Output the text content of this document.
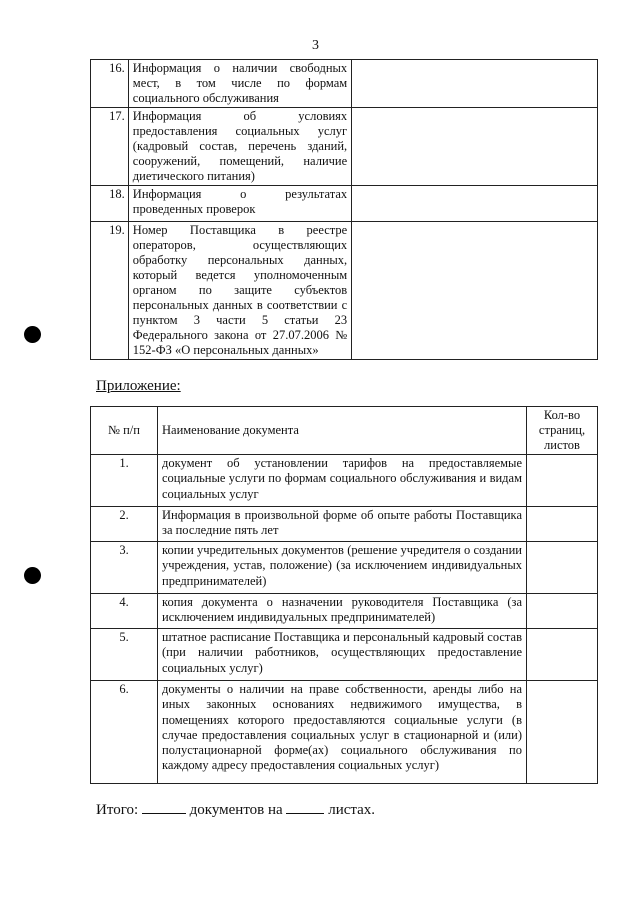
3
16.	Информация о наличии свободных мест, в том числе по формам социального обслуживания	
17.	Информация об условиях предоставления социальных услуг (кадровый состав, перечень зданий, сооружений, помещений, наличие диетического питания)	
18.	Информация о результатах проведенных проверок	
19.	Номер Поставщика в реестре операторов, осуществляющих обработку персональных данных, который ведется уполномоченным органом по защите субъектов персональных данных в соответствии с пунктом 3 части 5 статьи 23 Федерального закона от 27.07.2006 № 152-ФЗ «О персональных данных»	
Приложение:
№ п/п	Наименование документа	Кол-во страниц, листов
1.	документ об установлении тарифов на предоставляемые социальные услуги по формам социального обслуживания и видам социальных услуг	
2.	Информация в произвольной форме об опыте работы Поставщика за последние пять лет	
3.	копии учредительных документов (решение учредителя о создании учреждения, устав, положение) (за исключением индивидуальных предпринимателей)	
4.	копия документа о назначении руководителя Поставщика (за исключением индивидуальных предпринимателей)	
5.	штатное расписание Поставщика и персональный кадровый состав (при наличии работников, осуществляющих предоставление социальных услуг)	
6.	документы о наличии на праве собственности, аренды либо на иных законных основаниях недвижимого имущества, в помещениях которого предоставляются социальные услуги (в случае предоставления социальных услуг в стационарной и (или) полустационарной форме(ах) социального обслуживания по каждому адресу предоставления социальных услуг)	
Итого:	документов на	листах.
